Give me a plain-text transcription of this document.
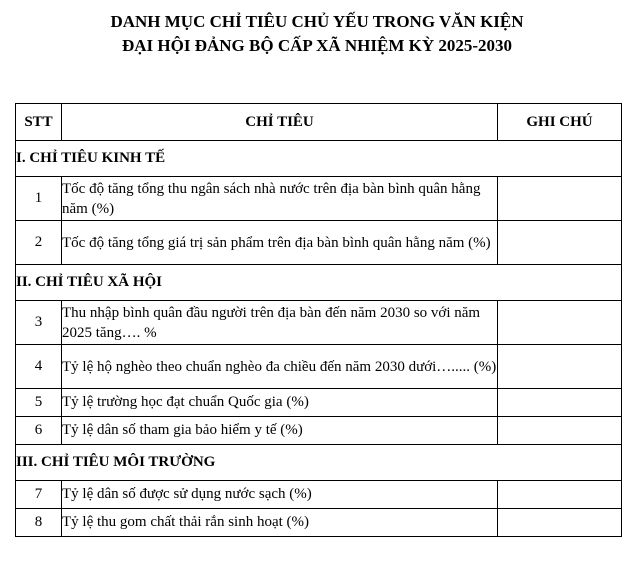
DANH MỤC CHỈ TIÊU CHỦ YẾU TRONG VĂN KIỆN
ĐẠI HỘI ĐẢNG BỘ CẤP XÃ NHIỆM KỲ 2025-2030
STT	CHỈ TIÊU	GHI CHÚ
I. CHỈ TIÊU KINH TẾ		
1	Tốc độ tăng tổng thu ngân sách nhà nước trên địa bàn bình quân hằng năm (%)	
2	Tốc độ tăng tổng giá trị sản phẩm trên địa bàn bình quân hằng năm (%)	
II. CHỈ TIÊU XÃ HỘI		
3	Thu nhập bình quân đầu người trên địa bàn đến năm 2030 so với năm 2025 tăng…. %	
4	Tỷ lệ hộ nghèo theo chuẩn nghèo đa chiều đến năm 2030 dưới…..... (%)	
5	Tỷ lệ trường học đạt chuẩn Quốc gia (%)	
6	Tỷ lệ dân số tham gia bảo hiểm y tế (%)	
III. CHỈ TIÊU MÔI TRƯỜNG		
7	Tỷ lệ dân số được sử dụng nước sạch (%)	
8	Tỷ lệ thu gom chất thải rắn sinh hoạt (%)	
